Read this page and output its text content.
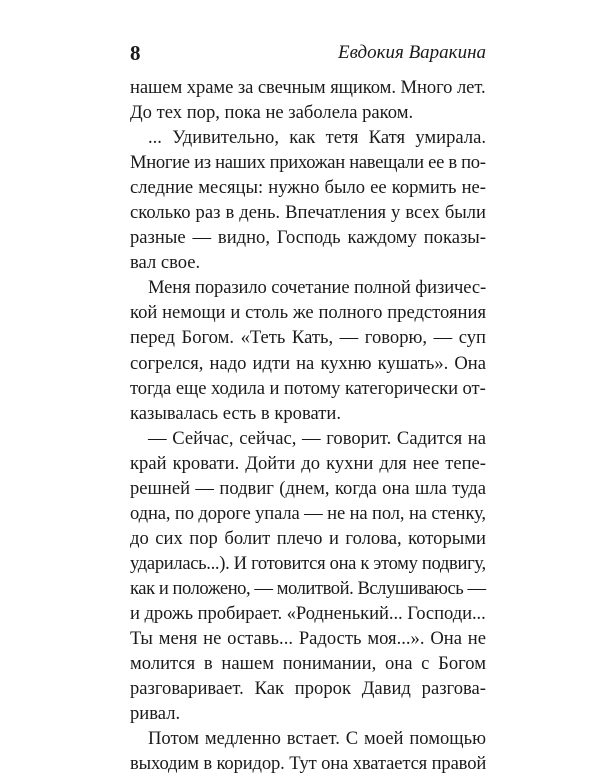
8	Евдокия Варакина
нашем храме за свечным ящиком. Много лет.
До тех пор, пока не заболела раком.
... Удивительно, как тетя Катя умирала.
Многие из наших прихожан навещали ее в по-
следние месяцы: нужно было ее кормить не-
сколько раз в день. Впечатления у всех были
разные — видно, Господь каждому показы-
вал свое.
Меня поразило сочетание полной физичес-
кой немощи и столь же полного предстояния
перед Богом. «Теть Кать, — говорю, — суп
согрелся, надо идти на кухню кушать». Она
тогда еще ходила и потому категорически от-
казывалась есть в кровати.
— Сейчас, сейчас, — говорит. Садится на
край кровати. Дойти до кухни для нее тепе-
решней — подвиг (днем, когда она шла туда
одна, по дороге упала — не на пол, на стенку,
до сих пор болит плечо и голова, которыми
ударилась...). И готовится она к этому подвигу,
как и положено, — молитвой. Вслушиваюсь —
и дрожь пробирает. «Родненький... Господи...
Ты меня не оставь... Радость моя...». Она не
молится в нашем понимании, она с Богом
разговаривает. Как пророк Давид разгова-
ривал.
Потом медленно встает. С моей помощью
выходим в коридор. Тут она хватается правой
